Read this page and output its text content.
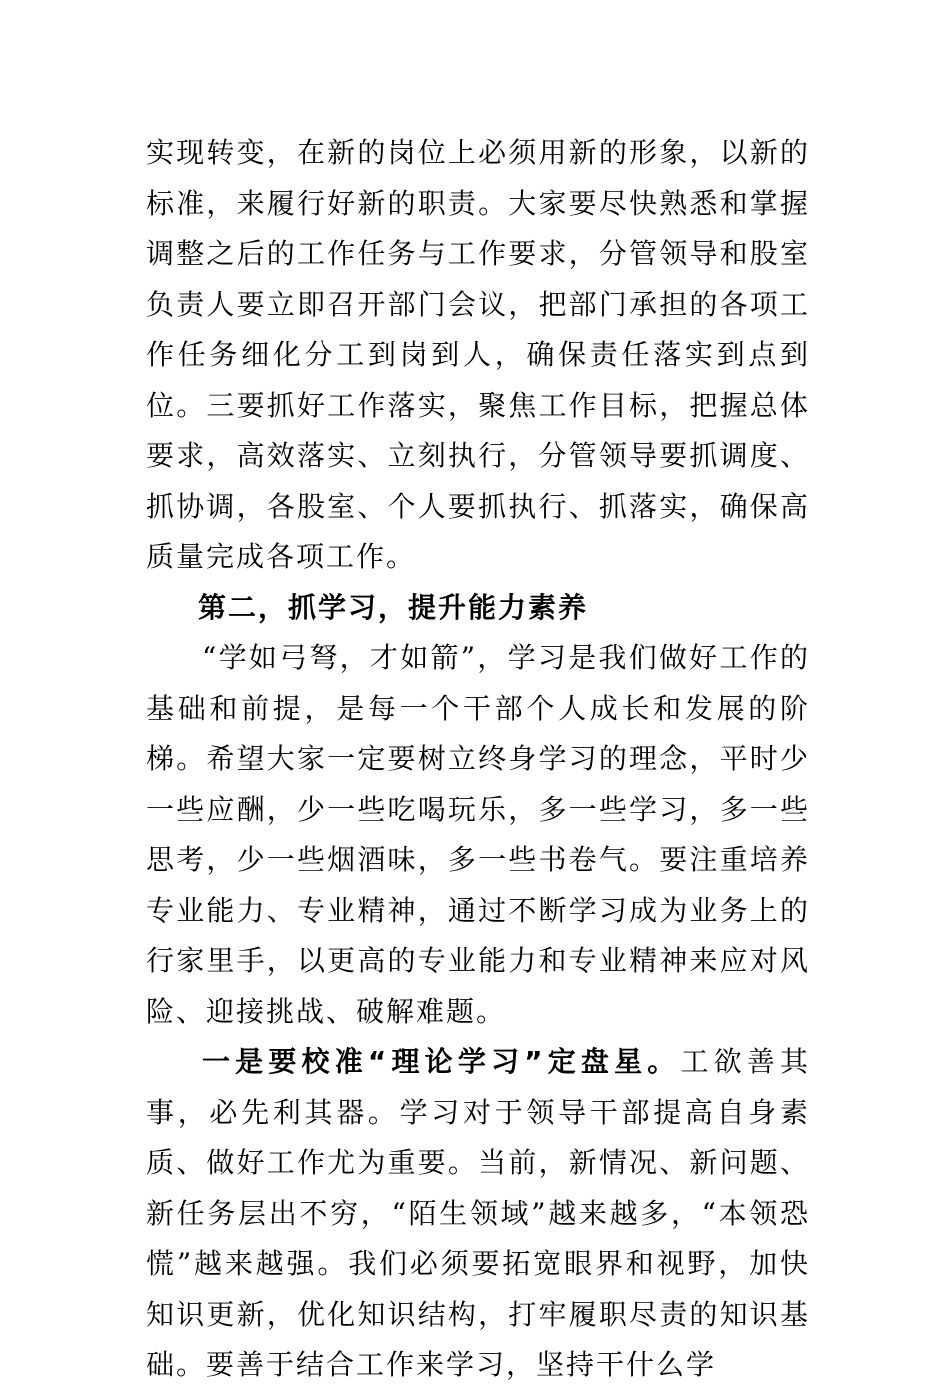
实现转变，在新的岗位上必须用新的形象，以新的标准，来履行好新的职责。大家要尽快熟悉和掌握调整之后的工作任务与工作要求，分管领导和股室负责人要立即召开部门会议，把部门承担的各项工作任务细化分工到岗到人，确保责任落实到点到位。三要抓好工作落实，聚焦工作目标，把握总体要求，高效落实、立刻执行，分管领导要抓调度、抓协调，各股室、个人要抓执行、抓落实，确保高质量完成各项工作。

第二，抓学习，提升能力素养

“学如弓弩，才如箭”，学习是我们做好工作的基础和前提，是每一个干部个人成长和发展的阶梯。希望大家一定要树立终身学习的理念，平时少一些应酬，少一些吃喝玩乐，多一些学习，多一些思考，少一些烟酒味，多一些书卷气。要注重培养专业能力、专业精神，通过不断学习成为业务上的行家里手，以更高的专业能力和专业精神来应对风险、迎接挑战、破解难题。

一是要校准“理论学习”定盘星。工欲善其事，必先利其器。学习对于领导干部提高自身素质、做好工作尤为重要。当前，新情况、新问题、新任务层出不穷，“陌生领域”越来越多，“本领恐慌”越来越强。我们必须要拓宽眼界和视野，加快知识更新，优化知识结构，打牢履职尽责的知识基础。要善于结合工作来学习，坚持干什么学
